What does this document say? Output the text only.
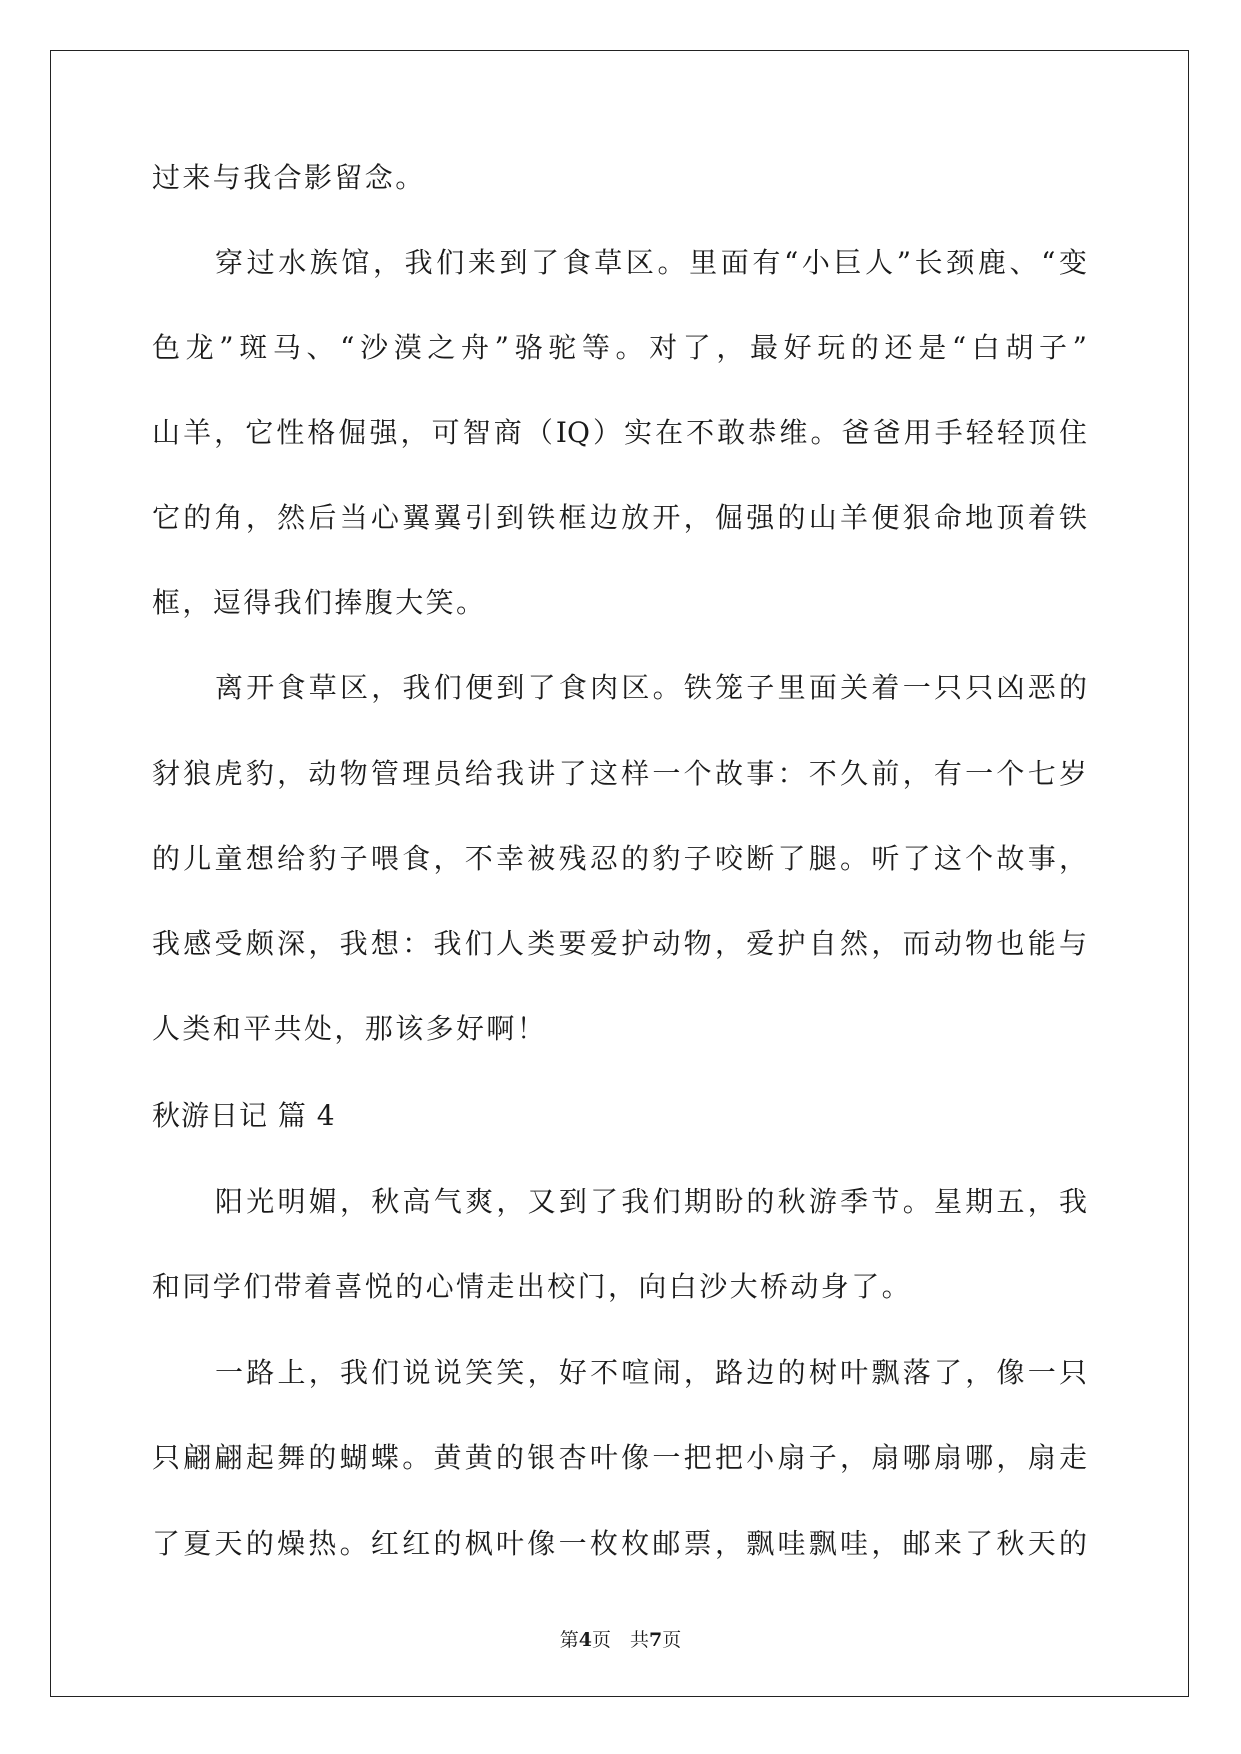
过来与我合影留念。
穿过水族馆，我们来到了食草区。里面有“小巨人”长颈鹿、“变
色龙”斑马、“沙漠之舟”骆驼等。对了，最好玩的还是“白胡子”
山羊，它性格倔强，可智商（IQ）实在不敢恭维。爸爸用手轻轻顶住
它的角，然后当心翼翼引到铁框边放开，倔强的山羊便狠命地顶着铁
框，逗得我们捧腹大笑。
离开食草区，我们便到了食肉区。铁笼子里面关着一只只凶恶的
豺狼虎豹，动物管理员给我讲了这样一个故事：不久前，有一个七岁
的儿童想给豹子喂食，不幸被残忍的豹子咬断了腿。听了这个故事，
我感受颇深，我想：我们人类要爱护动物，爱护自然，而动物也能与
人类和平共处，那该多好啊！
秋游日记 篇 4
阳光明媚，秋高气爽，又到了我们期盼的秋游季节。星期五，我
和同学们带着喜悦的心情走出校门，向白沙大桥动身了。
一路上，我们说说笑笑，好不喧闹，路边的树叶飘落了，像一只
只翩翩起舞的蝴蝶。黄黄的银杏叶像一把把小扇子，扇哪扇哪，扇走
了夏天的燥热。红红的枫叶像一枚枚邮票，飘哇飘哇，邮来了秋天的
第4页　共7页
